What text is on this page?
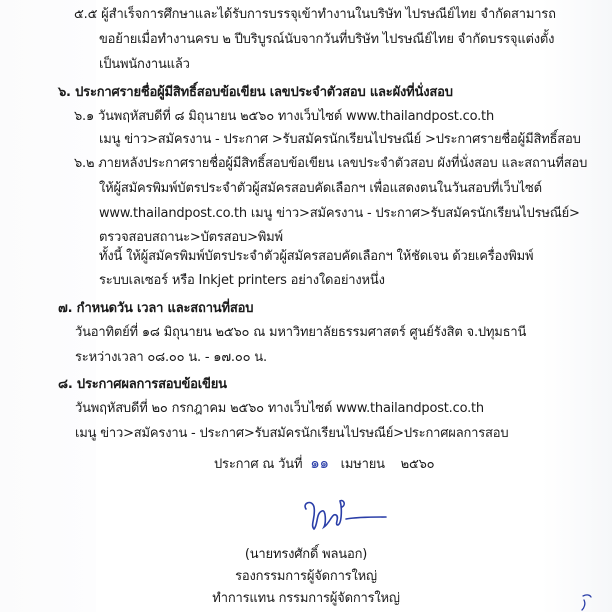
๕.๕ ผู้สำเร็จการศึกษาและได้รับการบรรจุเข้าทำงานในบริษัท ไปรษณีย์ไทย จำกัดสามารถ
ขอย้ายเมื่อทำงานครบ ๒ ปีบริบูรณ์นับจากวันที่บริษัท ไปรษณีย์ไทย จำกัดบรรจุแต่งตั้ง
เป็นพนักงานแล้ว
๖. ประกาศรายชื่อผู้มีสิทธิ์สอบข้อเขียน เลขประจำตัวสอบ และผังที่นั่งสอบ
๖.๑ วันพฤหัสบดีที่ ๘ มิถุนายน ๒๕๖๐ ทางเว็บไซต์ www.thailandpost.co.th
เมนู ข่าว>สมัครงาน - ประกาศ >รับสมัครนักเรียนไปรษณีย์ >ประกาศรายชื่อผู้มีสิทธิ์สอบ
๖.๒ ภายหลังประกาศรายชื่อผู้มีสิทธิ์สอบข้อเขียน เลขประจำตัวสอบ ผังที่นั่งสอบ และสถานที่สอบ
ให้ผู้สมัครพิมพ์บัตรประจำตัวผู้สมัครสอบคัดเลือกฯ เพื่อแสดงตนในวันสอบที่เว็บไซต์
www.thailandpost.co.th เมนู ข่าว>สมัครงาน - ประกาศ>รับสมัครนักเรียนไปรษณีย์>
ตรวจสอบสถานะ>บัตรสอบ>พิมพ์
ทั้งนี้ ให้ผู้สมัครพิมพ์บัตรประจำตัวผู้สมัครสอบคัดเลือกฯ ให้ชัดเจน ด้วยเครื่องพิมพ์
ระบบเลเซอร์ หรือ Inkjet printers อย่างใดอย่างหนึ่ง
๗. กำหนดวัน เวลา และสถานที่สอบ
วันอาทิตย์ที่ ๑๘ มิถุนายน ๒๕๖๐ ณ มหาวิทยาลัยธรรมศาสตร์ ศูนย์รังสิต จ.ปทุมธานี
ระหว่างเวลา ๐๘.๐๐ น. - ๑๗.๐๐ น.
๘. ประกาศผลการสอบข้อเขียน
วันพฤหัสบดีที่ ๒๐ กรกฎาคม ๒๕๖๐ ทางเว็บไซต์ www.thailandpost.co.th
เมนู ข่าว>สมัครงาน - ประกาศ>รับสมัครนักเรียนไปรษณีย์>ประกาศผลการสอบ
ประกาศ ณ วันที่ ๑๑ เมษายน ๒๕๖๐
(นายทรงศักดิ์ พลนอก)
รองกรรมการผู้จัดการใหญ่
ทำการแทน กรรมการผู้จัดการใหญ่
